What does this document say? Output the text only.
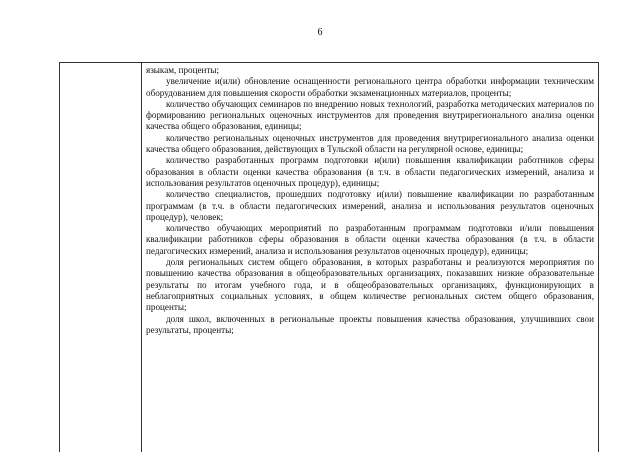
6

языкам, проценты;

увеличение и(или) обновление оснащенности регионального центра обработки информации техническим оборудованием для повышения скорости обработки экзаменационных материалов, проценты;

количество обучающих семинаров по внедрению новых технологий, разработка методических материалов по формированию региональных оценочных инструментов для проведения внутрирегионального анализа оценки качества общего образования, единицы;

количество региональных оценочных инструментов для проведения внутрирегионального анализа оценки качества общего образования, действующих в Тульской области на регулярной основе, единицы;

количество разработанных программ подготовки и(или) повышения квалификации работников сферы образования в области оценки качества образования (в т.ч. в области педагогических измерений, анализа и использования результатов оценочных процедур), единицы;

количество специалистов, прошедших подготовку и(или) повышение квалификации по разработанным программам (в т.ч. в области педагогических измерений, анализа и использования результатов оценочных процедур), человек;

количество обучающих мероприятий по разработанным программам подготовки и/или повышения квалификации работников сферы образования в области оценки качества образования (в т.ч. в области педагогических измерений, анализа и использования результатов оценочных процедур), единицы;

доля региональных систем общего образования, в которых разработаны и реализуются мероприятия по повышению качества образования в общеобразовательных организациях, показавших низкие образовательные результаты по итогам учебного года, и в общеобразовательных организациях, функционирующих в неблагоприятных социальных условиях, в общем количестве региональных систем общего образования, проценты;

доля школ, включенных в региональные проекты повышения качества образования, улучшивших свои результаты, проценты;
